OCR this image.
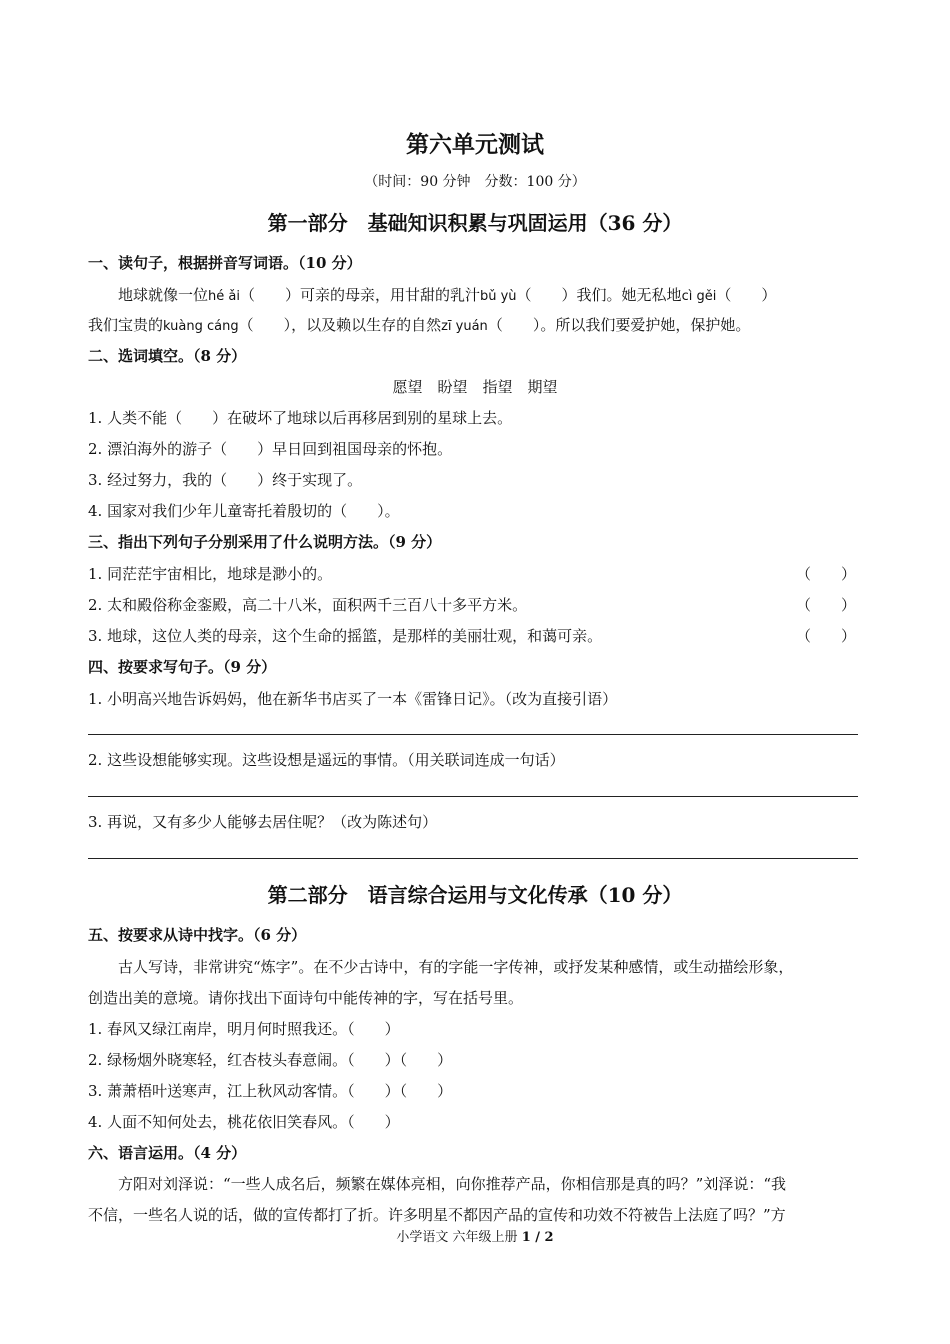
第六单元测试
（时间：90 分钟　分数：100 分）
第一部分　基础知识积累与巩固运用（36 分）
一、读句子，根据拼音写词语。（10 分）
地球就像一位hé ǎi（　　）可亲的母亲，用甘甜的乳汁bǔ yù（　　）我们。她无私地cì gěi（　　）
我们宝贵的kuàng cáng（　　），以及赖以生存的自然zī yuán（　　）。所以我们要爱护她，保护她。
二、选词填空。（8 分）
愿望　盼望　指望　期望
1. 人类不能（　　）在破坏了地球以后再移居到别的星球上去。
2. 漂泊海外的游子（　　）早日回到祖国母亲的怀抱。
3. 经过努力，我的（　　）终于实现了。
4. 国家对我们少年儿童寄托着殷切的（　　）。
三、指出下列句子分别采用了什么说明方法。（9 分）
1. 同茫茫宇宙相比，地球是渺小的。	（　　）
2. 太和殿俗称金銮殿，高二十八米，面积两千三百八十多平方米。	（　　）
3. 地球，这位人类的母亲，这个生命的摇篮，是那样的美丽壮观，和蔼可亲。	（　　）
四、按要求写句子。（9 分）
1. 小明高兴地告诉妈妈，他在新华书店买了一本《雷锋日记》。（改为直接引语）
2. 这些设想能够实现。这些设想是遥远的事情。（用关联词连成一句话）
3. 再说，又有多少人能够去居住呢？（改为陈述句）
第二部分　语言综合运用与文化传承（10 分）
五、按要求从诗中找字。（6 分）
古人写诗，非常讲究“炼字”。在不少古诗中，有的字能一字传神，或抒发某种感情，或生动描绘形象，
创造出美的意境。请你找出下面诗句中能传神的字，写在括号里。
1. 春风又绿江南岸，明月何时照我还。（　　）
2. 绿杨烟外晓寒轻，红杏枝头春意闹。（　　）（　　）
3. 萧萧梧叶送寒声，江上秋风动客情。（　　）（　　）
4. 人面不知何处去，桃花依旧笑春风。（　　）
六、语言运用。（4 分）
方阳对刘泽说：“一些人成名后，频繁在媒体亮相，向你推荐产品，你相信那是真的吗？”刘泽说：“我
不信，一些名人说的话，做的宣传都打了折。许多明星不都因产品的宣传和功效不符被告上法庭了吗？”方
小学语文 六年级上册 1 / 2
